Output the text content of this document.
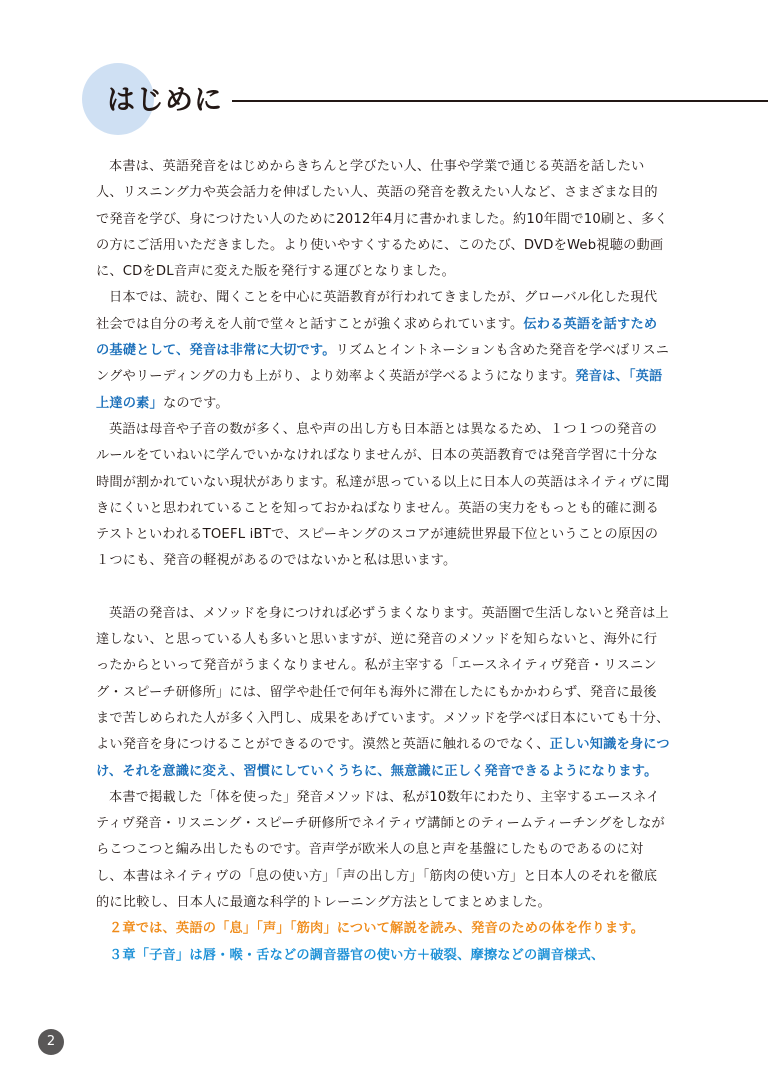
はじめに

本書は、英語発音をはじめからきちんと学びたい人、仕事や学業で通じる英語を話したい人、リスニング力や英会話力を伸ばしたい人、英語の発音を教えたい人など、さまざまな目的で発音を学び、身につけたい人のために2012年4月に書かれました。約10年間で10刷と、多くの方にご活用いただきました。より使いやすくするために、このたび、DVDをWeb視聴の動画に、CDをDL音声に変えた版を発行する運びとなりました。

日本では、読む、聞くことを中心に英語教育が行われてきましたが、グローバル化した現代社会では自分の考えを人前で堂々と話すことが強く求められています。伝わる英語を話すための基礎として、発音は非常に大切です。リズムとイントネーションも含めた発音を学べばリスニングやリーディングの力も上がり、より効率よく英語が学べるようになります。発音は、「英語上達の素」なのです。

英語は母音や子音の数が多く、息や声の出し方も日本語とは異なるため、１つ１つの発音のルールをていねいに学んでいかなければなりませんが、日本の英語教育では発音学習に十分な時間が割かれていない現状があります。私達が思っている以上に日本人の英語はネイティヴに聞きにくいと思われていることを知っておかねばなりません。英語の実力をもっとも的確に測るテストといわれるTOEFL iBTで、スピーキングのスコアが連続世界最下位ということの原因の１つにも、発音の軽視があるのではないかと私は思います。

英語の発音は、メソッドを身につければ必ずうまくなります。英語圏で生活しないと発音は上達しない、と思っている人も多いと思いますが、逆に発音のメソッドを知らないと、海外に行ったからといって発音がうまくなりません。私が主宰する「エースネイティヴ発音・リスニング・スピーチ研修所」には、留学や赴任で何年も海外に滞在したにもかかわらず、発音に最後まで苦しめられた人が多く入門し、成果をあげています。メソッドを学べば日本にいても十分、よい発音を身につけることができるのです。漠然と英語に触れるのでなく、正しい知識を身につけ、それを意識に変え、習慣にしていくうちに、無意識に正しく発音できるようになります。

本書で掲載した「体を使った」発音メソッドは、私が10数年にわたり、主宰するエースネイティヴ発音・リスニング・スピーチ研修所でネイティヴ講師とのティームティーチングをしながらこつこつと編み出したものです。音声学が欧米人の息と声を基盤にしたものであるのに対し、本書はネイティヴの「息の使い方」「声の出し方」「筋肉の使い方」と日本人のそれを徹底的に比較し、日本人に最適な科学的トレーニング方法としてまとめました。

２章では、英語の「息」「声」「筋肉」について解説を読み、発音のための体を作ります。

３章「子音」は唇・喉・舌などの調音器官の使い方＋破裂、摩擦などの調音様式、

2
